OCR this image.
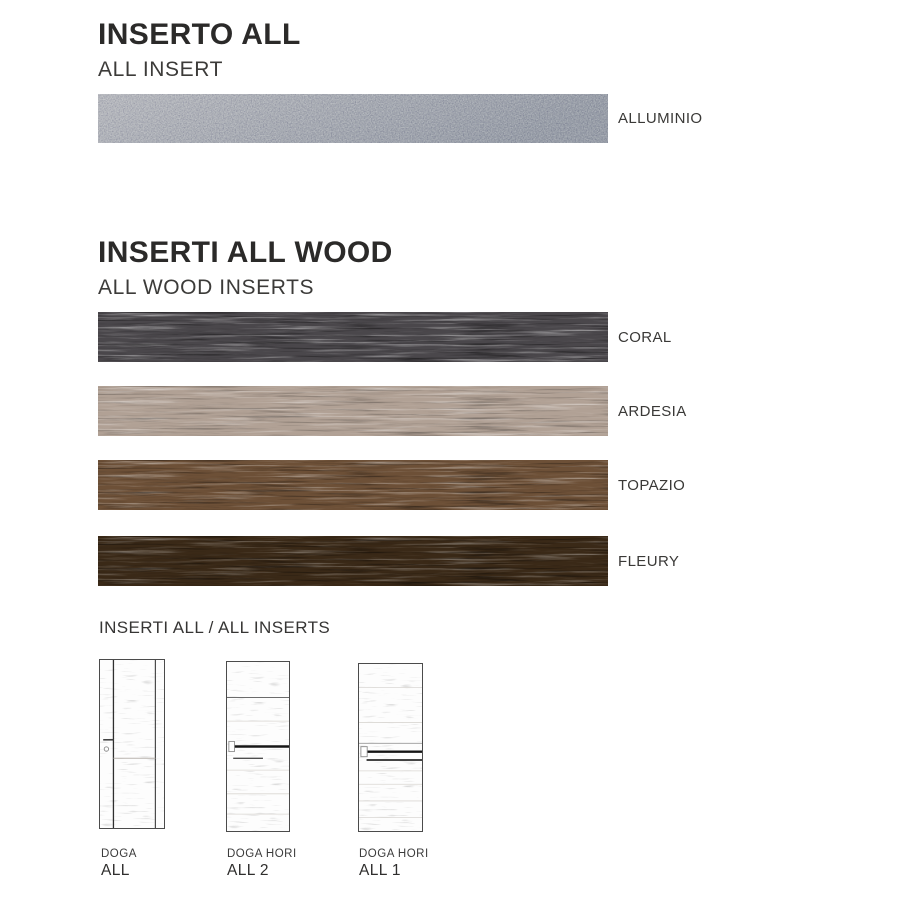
INSERTO ALL
ALL INSERT
ALLUMINIO
INSERTI ALL WOOD
ALL WOOD INSERTS
CORAL
ARDESIA
TOPAZIO
FLEURY
INSERTI ALL / ALL INSERTS
DOGA
ALL
DOGA HORI
ALL 2
DOGA HORI
ALL 1
